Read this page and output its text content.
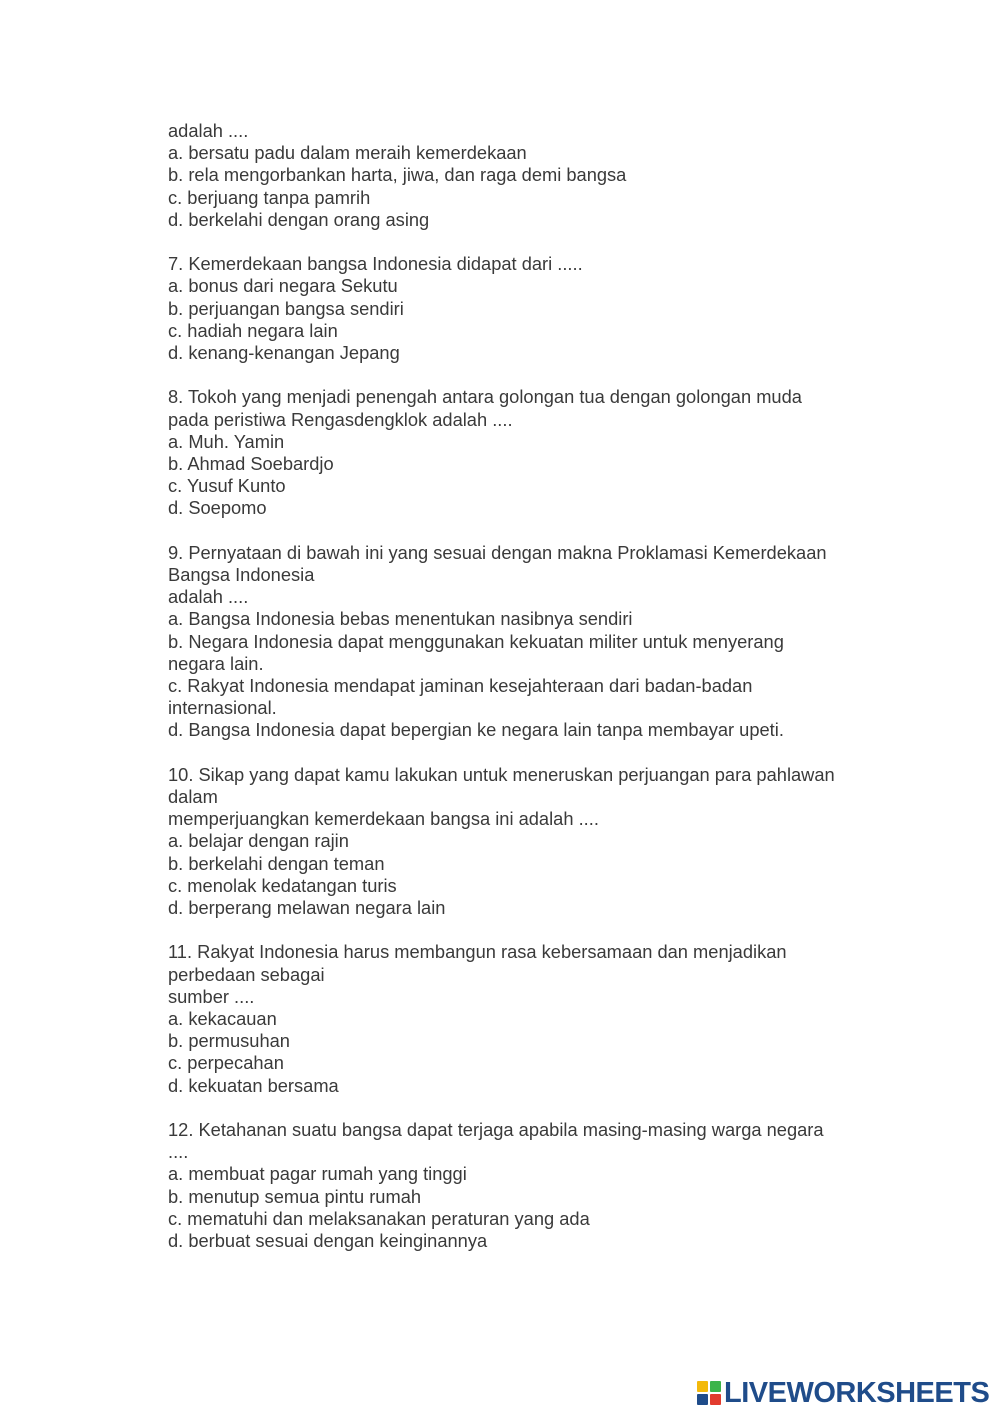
adalah ....
a. bersatu padu dalam meraih kemerdekaan
b. rela mengorbankan harta, jiwa, dan raga demi bangsa
c. berjuang tanpa pamrih
d. berkelahi dengan orang asing
7. Kemerdekaan bangsa Indonesia didapat dari .....
a. bonus dari negara Sekutu
b. perjuangan bangsa sendiri
c. hadiah negara lain
d. kenang-kenangan Jepang
8. Tokoh yang menjadi penengah antara golongan tua dengan golongan muda
pada peristiwa Rengasdengklok adalah ....
a. Muh. Yamin
b. Ahmad Soebardjo
c. Yusuf Kunto
d. Soepomo
9. Pernyataan di bawah ini yang sesuai dengan makna Proklamasi Kemerdekaan
Bangsa Indonesia
adalah ....
a. Bangsa Indonesia bebas menentukan nasibnya sendiri
b. Negara Indonesia dapat menggunakan kekuatan militer untuk menyerang
negara lain.
c. Rakyat Indonesia mendapat jaminan kesejahteraan dari badan-badan
internasional.
d. Bangsa Indonesia dapat bepergian ke negara lain tanpa membayar upeti.
10. Sikap yang dapat kamu lakukan untuk meneruskan perjuangan para pahlawan
dalam
memperjuangkan kemerdekaan bangsa ini adalah ....
a. belajar dengan rajin
b. berkelahi dengan teman
c. menolak kedatangan turis
d. berperang melawan negara lain
11. Rakyat Indonesia harus membangun rasa kebersamaan dan menjadikan
perbedaan sebagai
sumber ....
a. kekacauan
b. permusuhan
c. perpecahan
d. kekuatan bersama
12. Ketahanan suatu bangsa dapat terjaga apabila masing-masing warga negara
....
a. membuat pagar rumah yang tinggi
b. menutup semua pintu rumah
c. mematuhi dan melaksanakan peraturan yang ada
d. berbuat sesuai dengan keinginannya
LIVEWORKSHEETS
